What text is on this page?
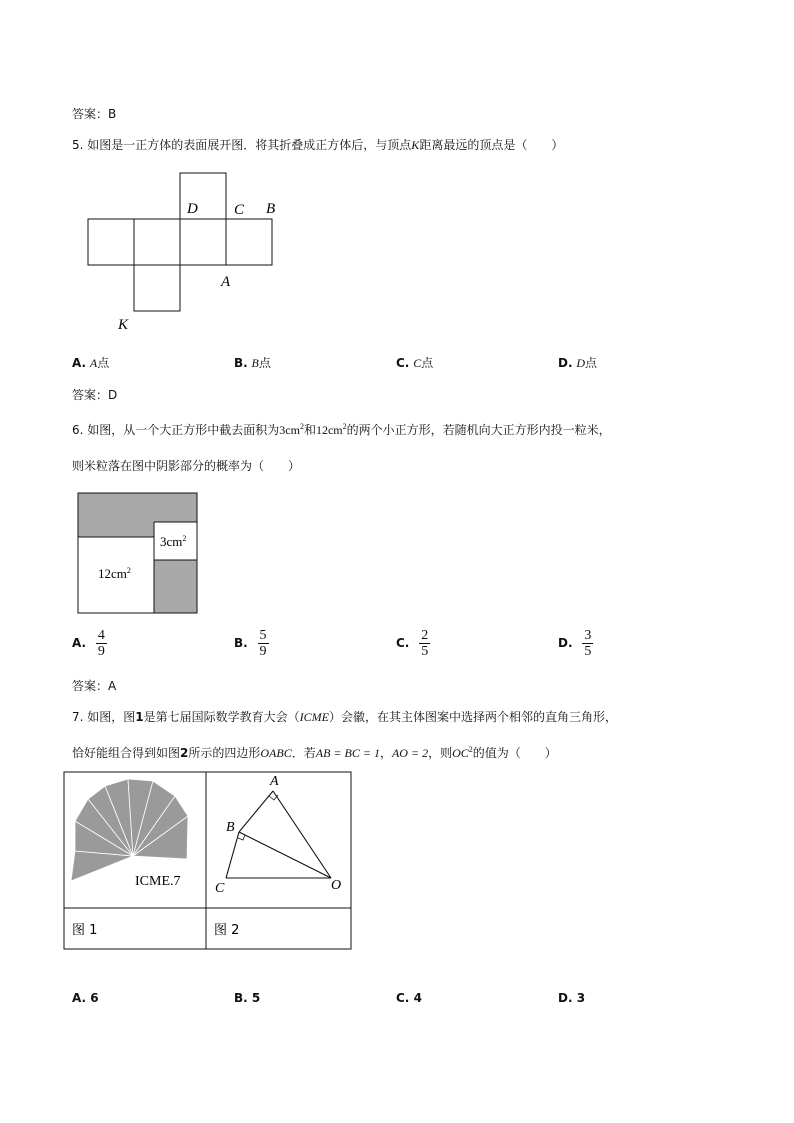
答案：B
5. 如图是一正方体的表面展开图．将其折叠成正方体后，与顶点K距离最远的顶点是（　　）
D C B
A
K
A. A点	B. B点	C. C点	D. D点
答案：D
6. 如图，从一个大正方形中截去面积为$3cm^2$和$12cm^2$的两个小正方形，若随机向大正方形内投一粒米，
则米粒落在图中阴影部分的概率为（　　）
$12cm^2$
$3cm^2$
A. $\frac{4}{9}$	B. $\frac{5}{9}$	C. $\frac{2}{5}$	D. $\frac{3}{5}$
答案：A
7. 如图，图1是第七届国际数学教育大会（ICME）会徽，在其主体图案中选择两个相邻的直角三角形，
恰好能组合得到如图2所示的四边形OABC．若AB = BC = 1，AO = 2，则$OC^2$的值为（　　）
ICME.7
A
B
C	O
图 1	图 2
A. 6	B. 5	C. 4	D. 3
